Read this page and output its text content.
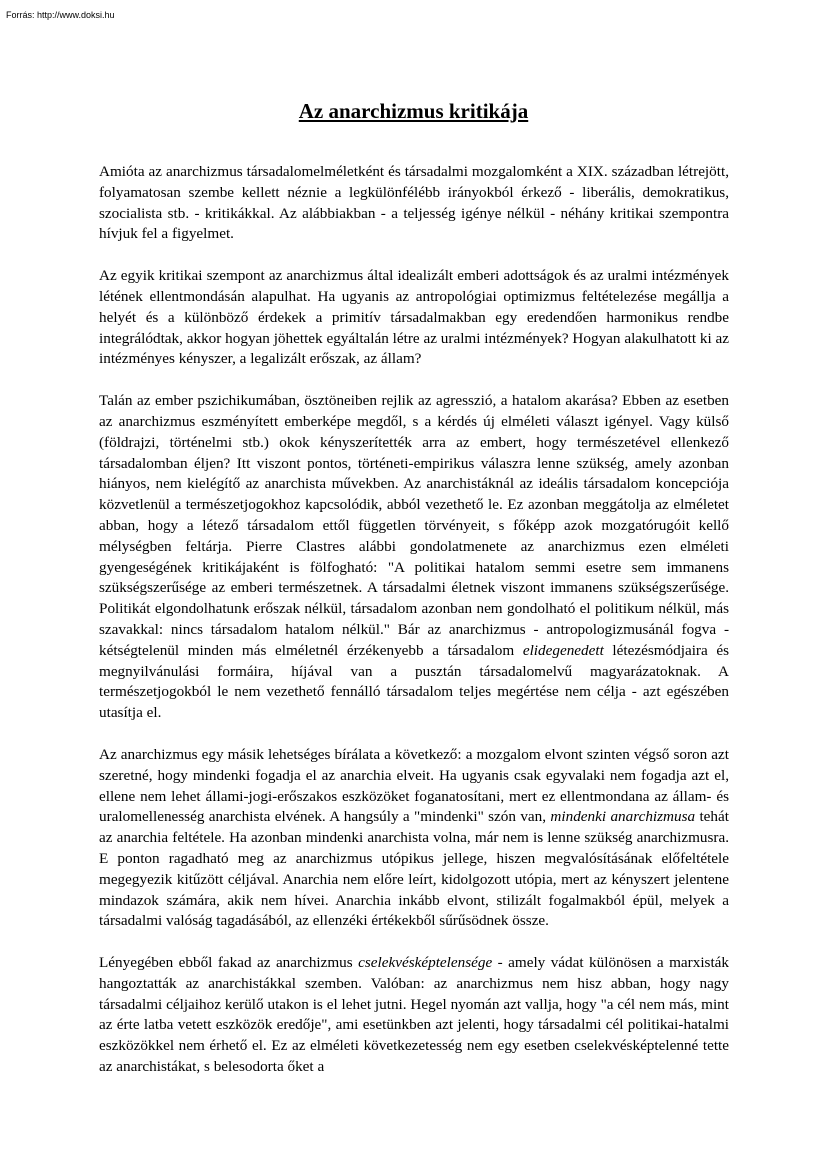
Forrás: http://www.doksi.hu

Az anarchizmus kritikája

Amióta az anarchizmus társadalomelméletként és társadalmi mozgalomként a XIX. században létrejött, folyamatosan szembe kellett néznie a legkülönfélébb irányokból érkező - liberális, demokratikus, szocialista stb. - kritikákkal. Az alábbiakban - a teljesség igénye nélkül - néhány kritikai szempontra hívjuk fel a figyelmet.

Az egyik kritikai szempont az anarchizmus által idealizált emberi adottságok és az uralmi intézmények létének ellentmondásán alapulhat. Ha ugyanis az antropológiai optimizmus feltételezése megállja a helyét és a különböző érdekek a primitív társadalmakban egy eredendően harmonikus rendbe integrálódtak, akkor hogyan jöhettek egyáltalán létre az uralmi intézmények? Hogyan alakulhatott ki az intézményes kényszer, a legalizált erőszak, az állam?

Talán az ember pszichikumában, ösztöneiben rejlik az agresszió, a hatalom akarása? Ebben az esetben az anarchizmus eszményített emberképe megdől, s a kérdés új elméleti választ igényel. Vagy külső (földrajzi, történelmi stb.) okok kényszerítették arra az embert, hogy természetével ellenkező társadalomban éljen? Itt viszont pontos, történeti-empirikus válaszra lenne szükség, amely azonban hiányos, nem kielégítő az anarchista művekben. Az anarchistáknál az ideális társadalom koncepciója közvetlenül a természetjogokhoz kapcsolódik, abból vezethető le. Ez azonban meggátolja az elméletet abban, hogy a létező társadalom ettől független törvényeit, s főképp azok mozgatórugóit kellő mélységben feltárja. Pierre Clastres alábbi gondolatmenete az anarchizmus ezen elméleti gyengeségének kritikájaként is fölfogható: "A politikai hatalom semmi esetre sem immanens szükségszerűsége az emberi természetnek. A társadalmi életnek viszont immanens szükségszerűsége. Politikát elgondolhatunk erőszak nélkül, társadalom azonban nem gondolható el politikum nélkül, más szavakkal: nincs társadalom hatalom nélkül." Bár az anarchizmus - antropologizmusánál fogva - kétségtelenül minden más elméletnél érzékenyebb a társadalom elidegenedett létezésmódjaira és megnyilvánulási formáira, híjával van a pusztán társadalomelvű magyarázatoknak. A természetjogokból le nem vezethető fennálló társadalom teljes megértése nem célja - azt egészében utasítja el.

Az anarchizmus egy másik lehetséges bírálata a következő: a mozgalom elvont szinten végső soron azt szeretné, hogy mindenki fogadja el az anarchia elveit. Ha ugyanis csak egyvalaki nem fogadja azt el, ellene nem lehet állami-jogi-erőszakos eszközöket foganatosítani, mert ez ellentmondana az állam- és uralomellenesség anarchista elvének. A hangsúly a "mindenki" szón van, mindenki anarchizmusa tehát az anarchia feltétele. Ha azonban mindenki anarchista volna, már nem is lenne szükség anarchizmusra. E ponton ragadható meg az anarchizmus utópikus jellege, hiszen megvalósításának előfeltétele megegyezik kitűzött céljával. Anarchia nem előre leírt, kidolgozott utópia, mert az kényszert jelentene mindazok számára, akik nem hívei. Anarchia inkább elvont, stilizált fogalmakból épül, melyek a társadalmi valóság tagadásából, az ellenzéki értékekből sűrűsödnek össze.

Lényegében ebből fakad az anarchizmus cselekvésképtelensége - amely vádat különösen a marxisták hangoztatták az anarchistákkal szemben. Valóban: az anarchizmus nem hisz abban, hogy nagy társadalmi céljaihoz kerülő utakon is el lehet jutni. Hegel nyomán azt vallja, hogy "a cél nem más, mint az érte latba vetett eszközök eredője", ami esetünkben azt jelenti, hogy társadalmi cél politikai-hatalmi eszközökkel nem érhető el. Ez az elméleti következetesség nem egy esetben cselekvésképtelenné tette az anarchistákat, s belesodorta őket a
